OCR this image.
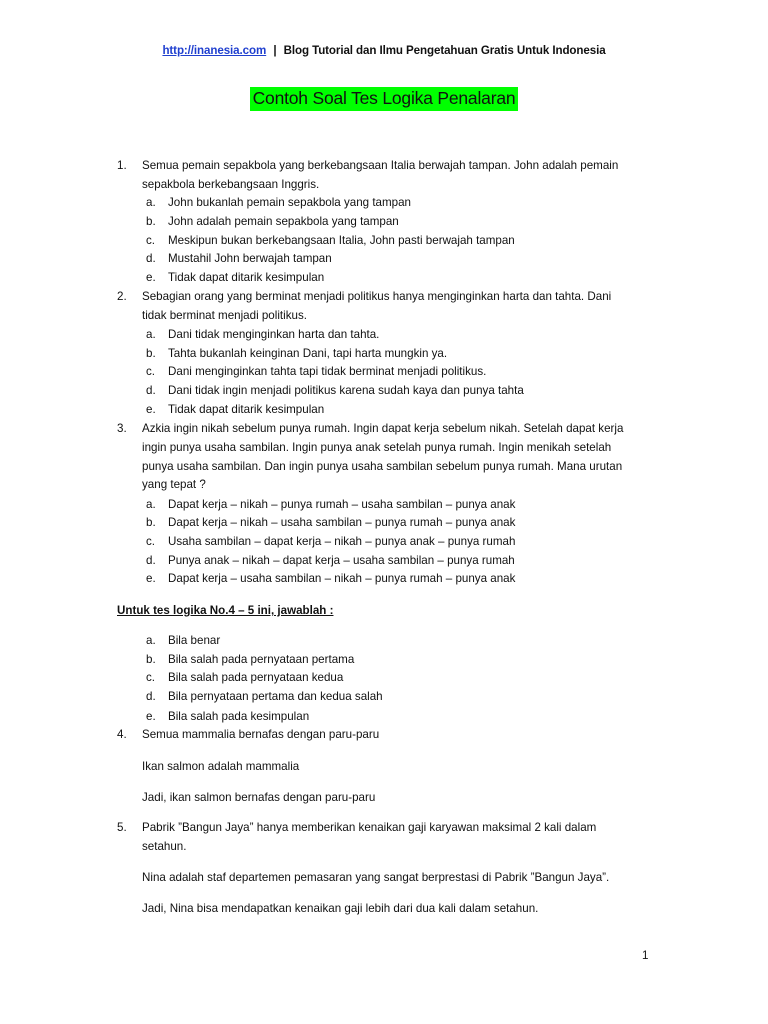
http://inanesia.com | Blog Tutorial dan Ilmu Pengetahuan Gratis Untuk Indonesia
Contoh Soal Tes Logika Penalaran
1. Semua pemain sepakbola yang berkebangsaan Italia berwajah tampan. John adalah pemain
sepakbola berkebangsaan Inggris.
a. John bukanlah pemain sepakbola yang tampan
b. John adalah pemain sepakbola yang tampan
c. Meskipun bukan berkebangsaan Italia, John pasti berwajah tampan
d. Mustahil John berwajah tampan
e. Tidak dapat ditarik kesimpulan
2. Sebagian orang yang berminat menjadi politikus hanya menginginkan harta dan tahta. Dani
tidak berminat menjadi politikus.
a. Dani tidak menginginkan harta dan tahta.
b. Tahta bukanlah keinginan Dani, tapi harta mungkin ya.
c. Dani menginginkan tahta tapi tidak berminat menjadi politikus.
d. Dani tidak ingin menjadi politikus karena sudah kaya dan punya tahta
e. Tidak dapat ditarik kesimpulan
3. Azkia ingin nikah sebelum punya rumah. Ingin dapat kerja sebelum nikah. Setelah dapat kerja
ingin punya usaha sambilan. Ingin punya anak setelah punya rumah. Ingin menikah setelah
punya usaha sambilan. Dan ingin punya usaha sambilan sebelum punya rumah. Mana urutan
yang tepat ?
a. Dapat kerja – nikah – punya rumah – usaha sambilan – punya anak
b. Dapat kerja – nikah – usaha sambilan – punya rumah – punya anak
c. Usaha sambilan – dapat kerja – nikah – punya anak – punya rumah
d. Punya anak – nikah – dapat kerja – usaha sambilan – punya rumah
e. Dapat kerja – usaha sambilan – nikah – punya rumah – punya anak
Untuk tes logika No.4 – 5 ini, jawablah :
a. Bila benar
b. Bila salah pada pernyataan pertama
c. Bila salah pada pernyataan kedua
d. Bila pernyataan pertama dan kedua salah
e. Bila salah pada kesimpulan
4. Semua mammalia bernafas dengan paru-paru
Ikan salmon adalah mammalia
Jadi, ikan salmon bernafas dengan paru-paru
5. Pabrik ”Bangun Jaya” hanya memberikan kenaikan gaji karyawan maksimal 2 kali dalam
setahun.
Nina adalah staf departemen pemasaran yang sangat berprestasi di Pabrik ”Bangun Jaya”.
Jadi, Nina bisa mendapatkan kenaikan gaji lebih dari dua kali dalam setahun.
1
